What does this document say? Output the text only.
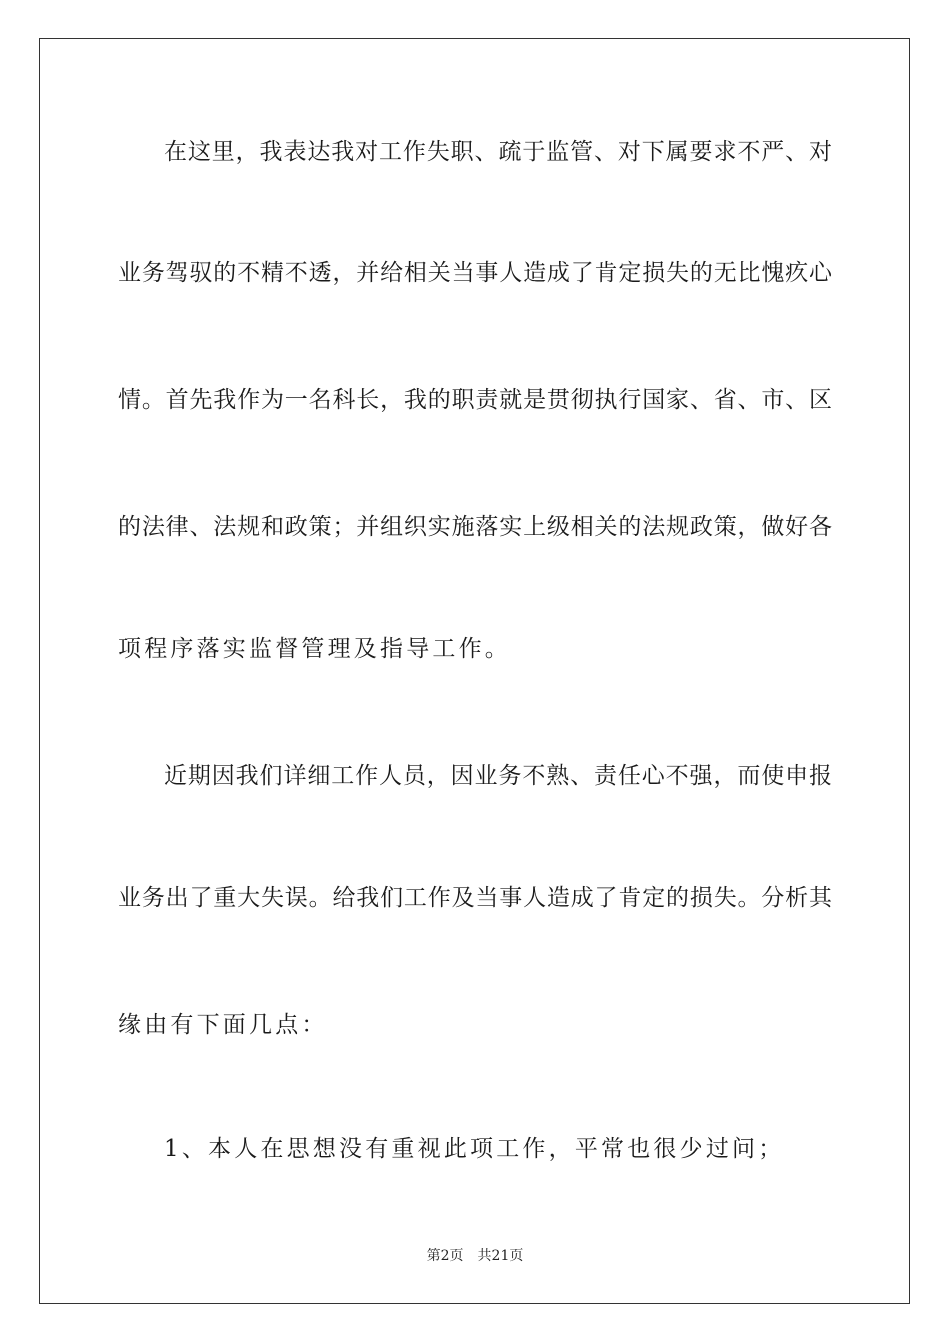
在这里，我表达我对工作失职、疏于监管、对下属要求不严、对
业务驾驭的不精不透，并给相关当事人造成了肯定损失的无比愧疚心
情。首先我作为一名科长，我的职责就是贯彻执行国家、省、市、区
的法律、法规和政策；并组织实施落实上级相关的法规政策，做好各
项程序落实监督管理及指导工作。
近期因我们详细工作人员，因业务不熟、责任心不强，而使申报
业务出了重大失误。给我们工作及当事人造成了肯定的损失。分析其
缘由有下面几点：
1、本人在思想没有重视此项工作，平常也很少过问；
第2页 共21页
